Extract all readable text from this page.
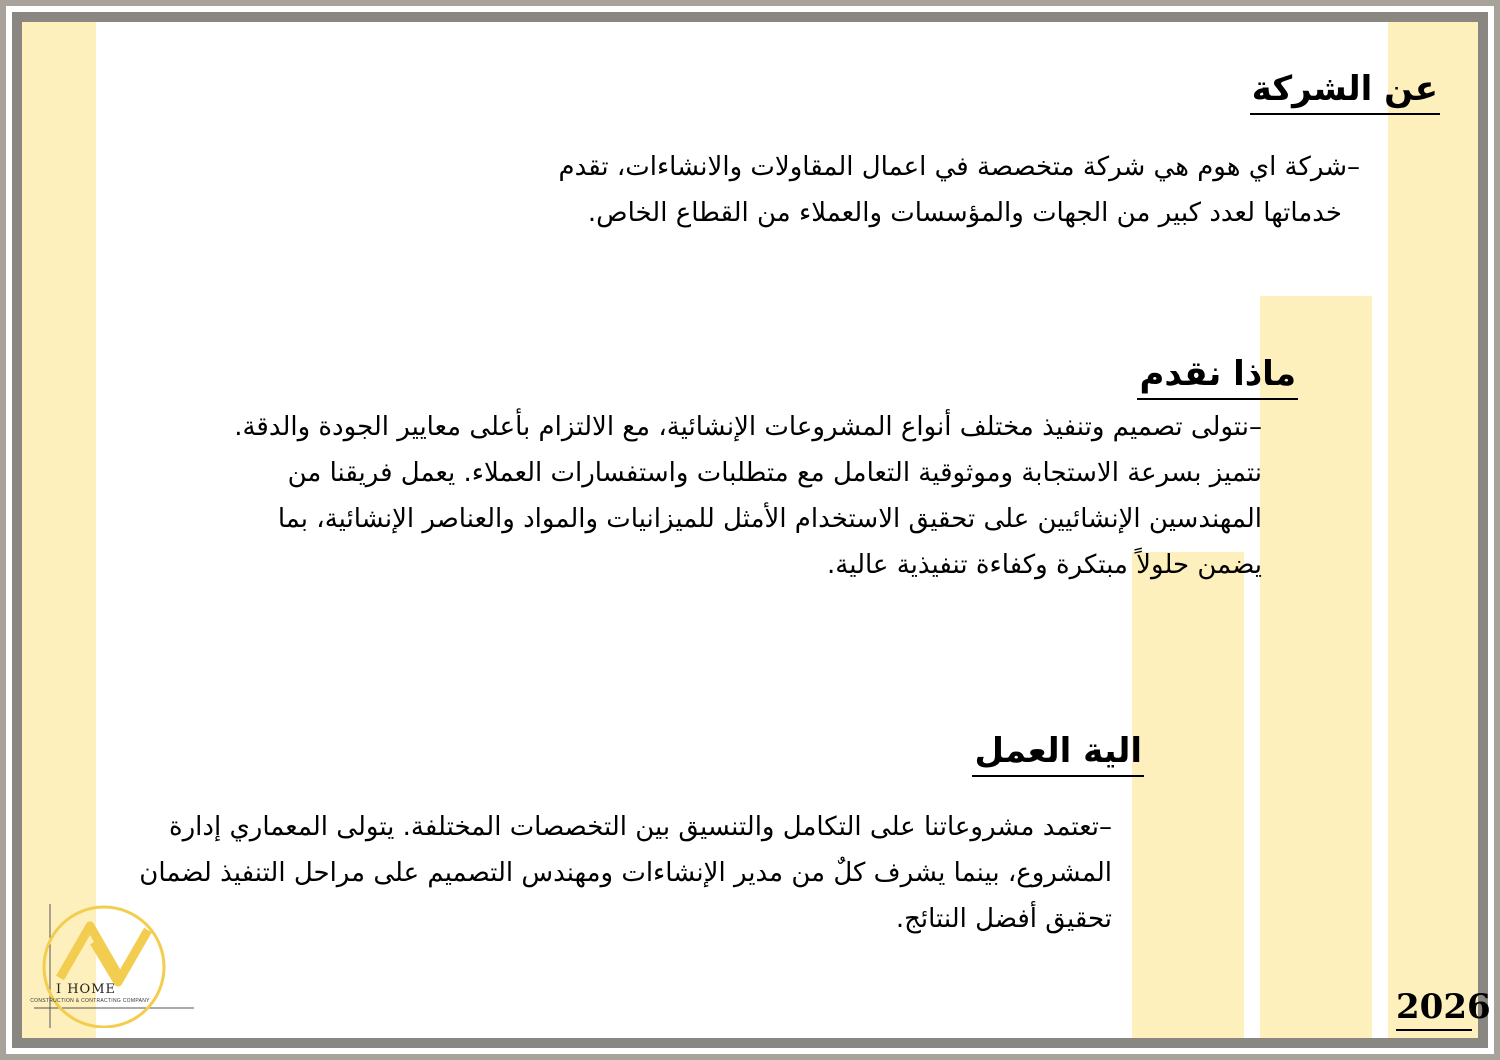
عن الشركة
–شركة اي هوم هي شركة متخصصة في اعمال المقاولات والانشاءات، تقدم
خدماتها لعدد كبير من الجهات والمؤسسات والعملاء من القطاع الخاص.
ماذا نقدم
–نتولى تصميم وتنفيذ مختلف أنواع المشروعات الإنشائية، مع الالتزام بأعلى معايير الجودة والدقة.
نتميز بسرعة الاستجابة وموثوقية التعامل مع متطلبات واستفسارات العملاء. يعمل فريقنا من
المهندسين الإنشائيين على تحقيق الاستخدام الأمثل للميزانيات والمواد والعناصر الإنشائية، بما
يضمن حلولاً مبتكرة وكفاءة تنفيذية عالية.
الية العمل
–تعتمد مشروعاتنا على التكامل والتنسيق بين التخصصات المختلفة. يتولى المعماري إدارة
المشروع، بينما يشرف كلٌ من مدير الإنشاءات ومهندس التصميم على مراحل التنفيذ لضمان
تحقيق أفضل النتائج.
I HOME
CONSTRUCTION & CONTRACTING COMPANY	2026
